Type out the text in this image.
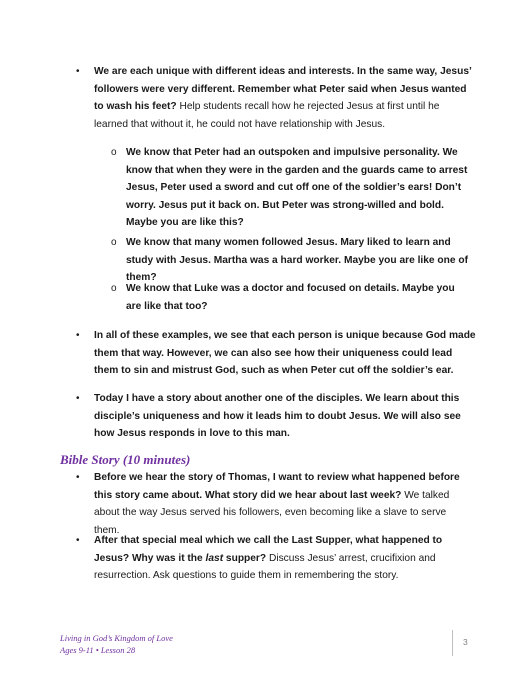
• We are each unique with different ideas and interests. In the same way, Jesus’ followers were very different. Remember what Peter said when Jesus wanted to wash his feet? Help students recall how he rejected Jesus at first until he learned that without it, he could not have relationship with Jesus.

o We know that Peter had an outspoken and impulsive personality. We know that when they were in the garden and the guards came to arrest Jesus, Peter used a sword and cut off one of the soldier’s ears! Don’t worry. Jesus put it back on. But Peter was strong-willed and bold. Maybe you are like this?

o We know that many women followed Jesus. Mary liked to learn and study with Jesus. Martha was a hard worker. Maybe you are like one of them?

o We know that Luke was a doctor and focused on details. Maybe you are like that too?

• In all of these examples, we see that each person is unique because God made them that way. However, we can also see how their uniqueness could lead them to sin and mistrust God, such as when Peter cut off the soldier’s ear.

• Today I have a story about another one of the disciples. We learn about this disciple’s uniqueness and how it leads him to doubt Jesus. We will also see how Jesus responds in love to this man.

Bible Story (10 minutes)

• Before we hear the story of Thomas, I want to review what happened before this story came about. What story did we hear about last week? We talked about the way Jesus served his followers, even becoming like a slave to serve them.

• After that special meal which we call the Last Supper, what happened to Jesus? Why was it the last supper? Discuss Jesus’ arrest, crucifixion and resurrection. Ask questions to guide them in remembering the story.

Living in God’s Kingdom of Love

Ages 9-11 • Lesson 28

3
